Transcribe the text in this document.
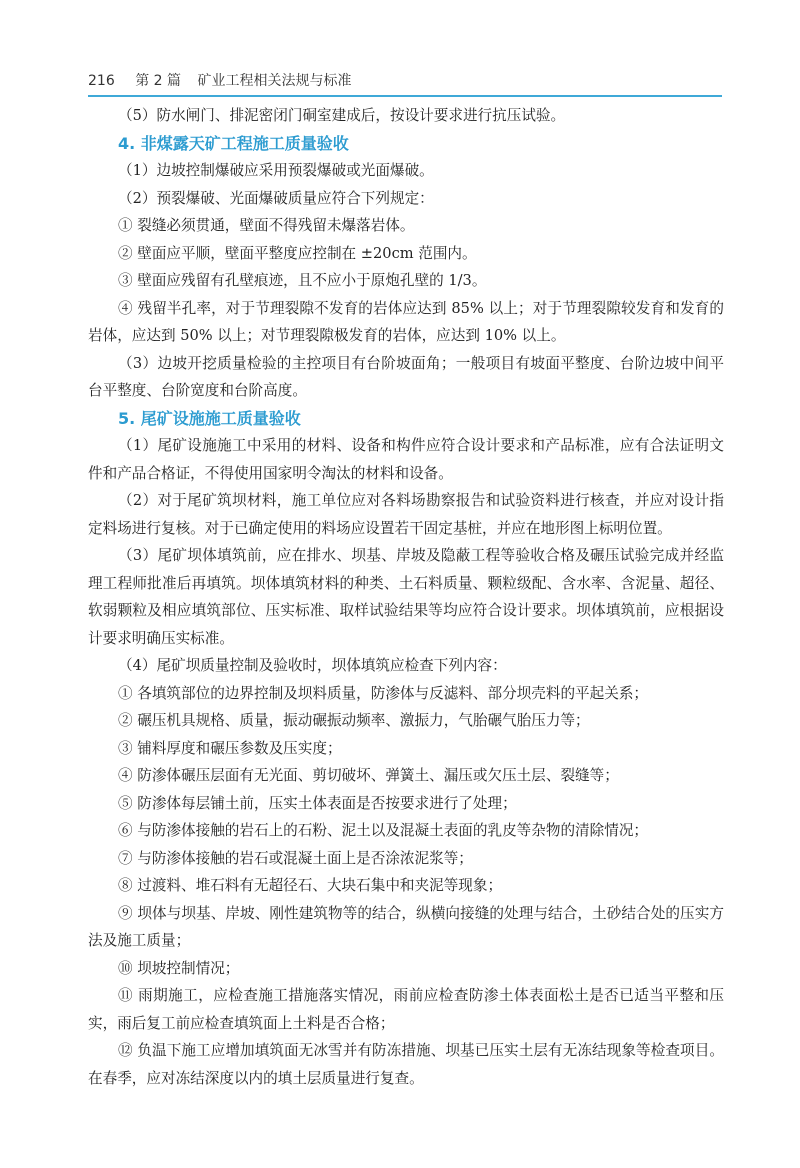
216 第 2 篇 矿业工程相关法规与标准

（5）防水闸门、排泥密闭门硐室建成后，按设计要求进行抗压试验。

4. 非煤露天矿工程施工质量验收

（1）边坡控制爆破应采用预裂爆破或光面爆破。

（2）预裂爆破、光面爆破质量应符合下列规定：

① 裂缝必须贯通，壁面不得残留未爆落岩体。

② 壁面应平顺，壁面平整度应控制在 ±20cm 范围内。

③ 壁面应残留有孔壁痕迹，且不应小于原炮孔壁的 1/3。

④ 残留半孔率，对于节理裂隙不发育的岩体应达到 85% 以上；对于节理裂隙较发育和发育的岩体，应达到 50% 以上；对节理裂隙极发育的岩体，应达到 10% 以上。

（3）边坡开挖质量检验的主控项目有台阶坡面角；一般项目有坡面平整度、台阶边坡中间平台平整度、台阶宽度和台阶高度。

5. 尾矿设施施工质量验收

（1）尾矿设施施工中采用的材料、设备和构件应符合设计要求和产品标准，应有合法证明文件和产品合格证，不得使用国家明令淘汰的材料和设备。

（2）对于尾矿筑坝材料，施工单位应对各料场勘察报告和试验资料进行核查，并应对设计指定料场进行复核。对于已确定使用的料场应设置若干固定基桩，并应在地形图上标明位置。

（3）尾矿坝体填筑前，应在排水、坝基、岸坡及隐蔽工程等验收合格及碾压试验完成并经监理工程师批准后再填筑。坝体填筑材料的种类、土石料质量、颗粒级配、含水率、含泥量、超径、软弱颗粒及相应填筑部位、压实标准、取样试验结果等均应符合设计要求。坝体填筑前，应根据设计要求明确压实标准。

（4）尾矿坝质量控制及验收时，坝体填筑应检查下列内容：

① 各填筑部位的边界控制及坝料质量，防渗体与反滤料、部分坝壳料的平起关系；

② 碾压机具规格、质量，振动碾振动频率、激振力，气胎碾气胎压力等；

③ 铺料厚度和碾压参数及压实度；

④ 防渗体碾压层面有无光面、剪切破坏、弹簧土、漏压或欠压土层、裂缝等；

⑤ 防渗体每层铺土前，压实土体表面是否按要求进行了处理；

⑥ 与防渗体接触的岩石上的石粉、泥土以及混凝土表面的乳皮等杂物的清除情况；

⑦ 与防渗体接触的岩石或混凝土面上是否涂浓泥浆等；

⑧ 过渡料、堆石料有无超径石、大块石集中和夹泥等现象；

⑨ 坝体与坝基、岸坡、刚性建筑物等的结合，纵横向接缝的处理与结合，土砂结合处的压实方法及施工质量；

⑩ 坝坡控制情况；

⑪ 雨期施工，应检查施工措施落实情况，雨前应检查防渗土体表面松土是否已适当平整和压实，雨后复工前应检查填筑面上土料是否合格；

⑫ 负温下施工应增加填筑面无冰雪并有防冻措施、坝基已压实土层有无冻结现象等检查项目。在春季，应对冻结深度以内的填土层质量进行复查。
